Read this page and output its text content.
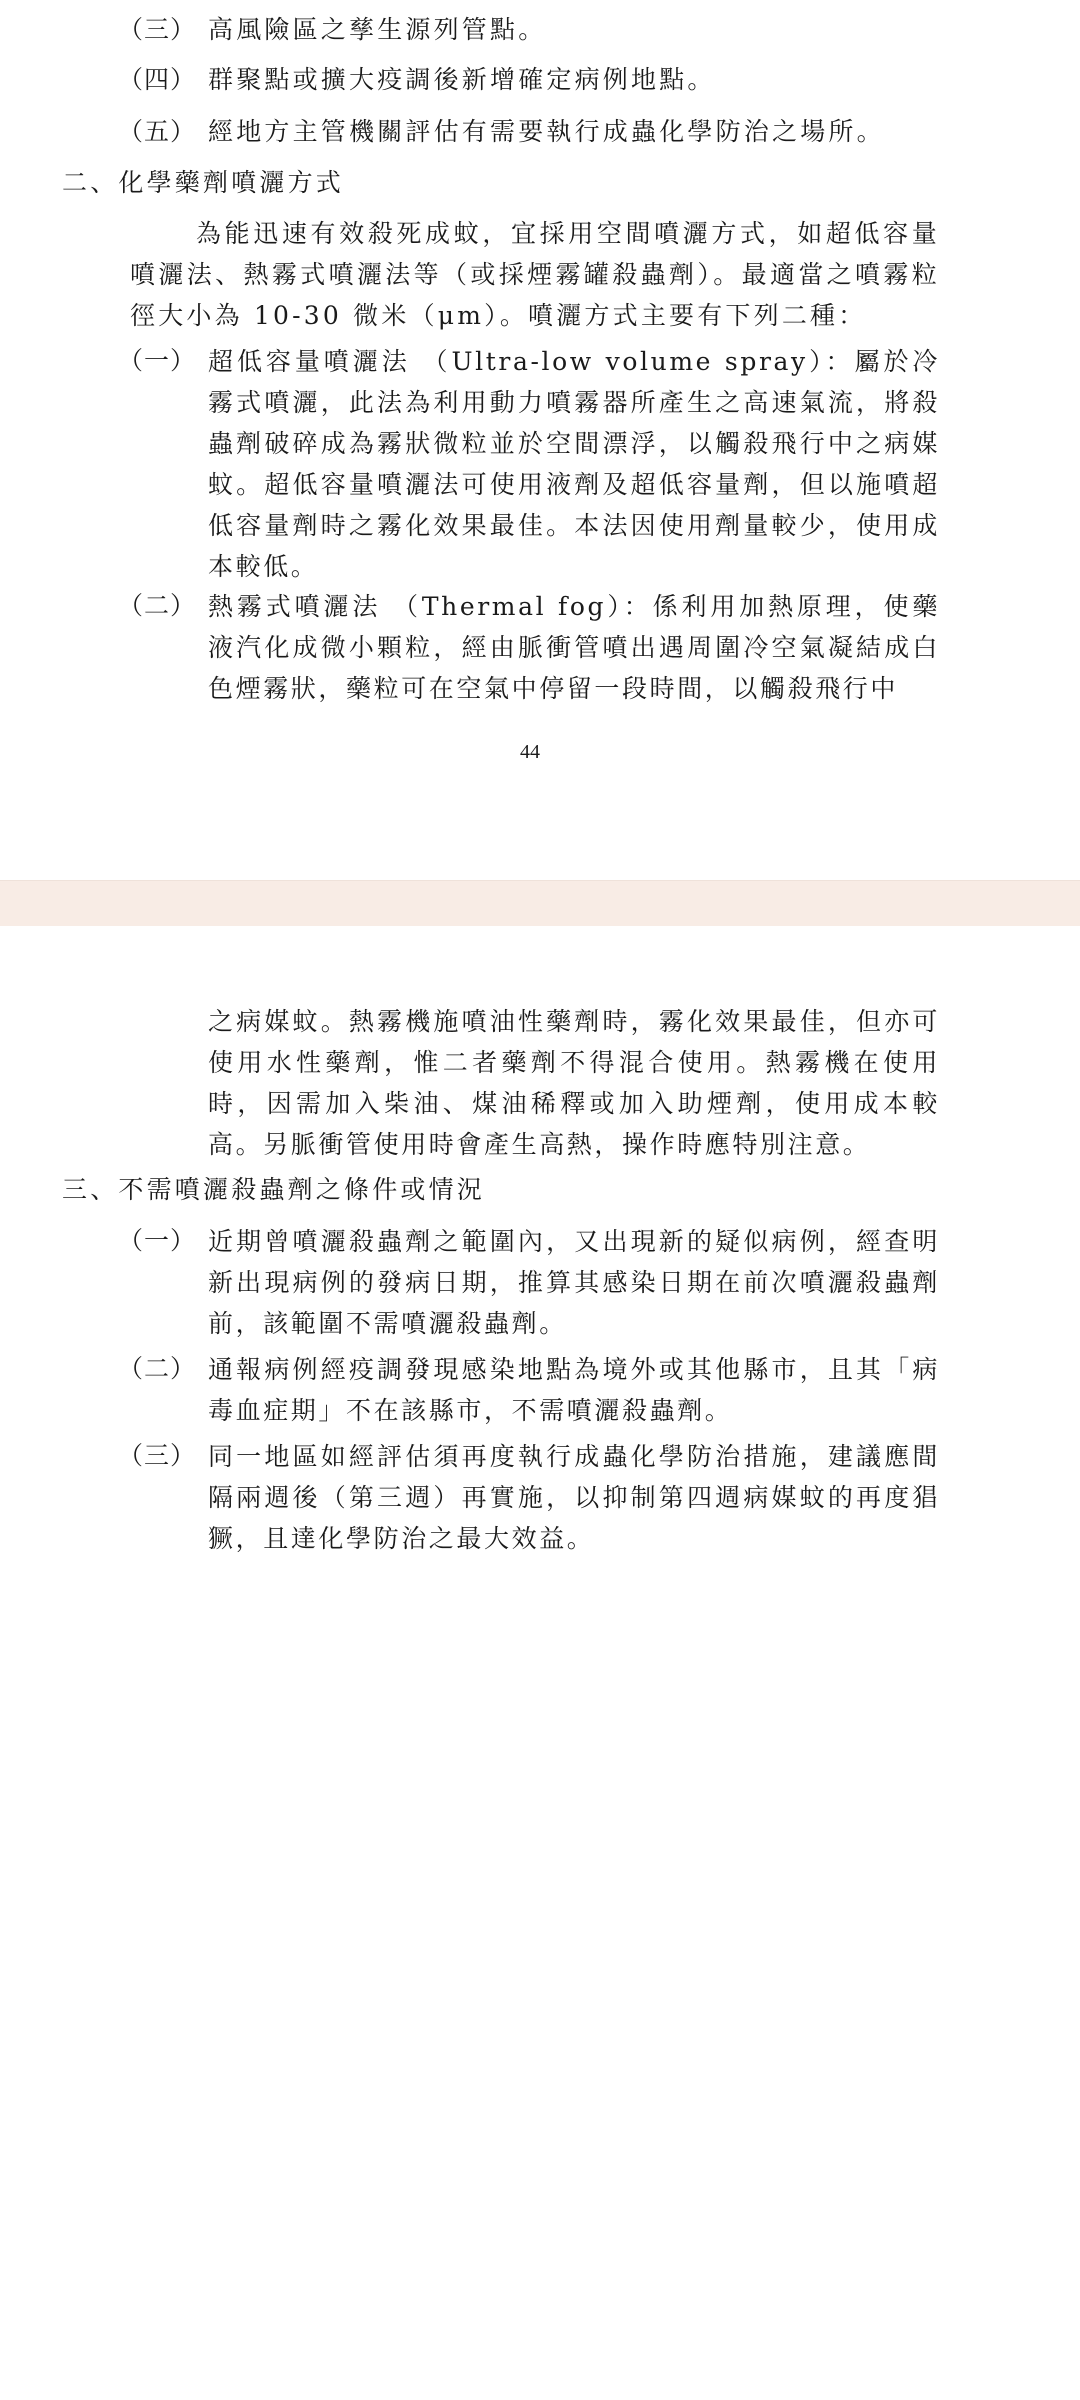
（三） 高風險區之孳生源列管點。
（四） 群聚點或擴大疫調後新增確定病例地點。
（五） 經地方主管機關評估有需要執行成蟲化學防治之場所。
二、化學藥劑噴灑方式
為能迅速有效殺死成蚊，宜採用空間噴灑方式，如超低容量噴灑法、熱霧式噴灑法等（或採煙霧罐殺蟲劑）。最適當之噴霧粒徑大小為 10-30 微米（μm）。噴灑方式主要有下列二種：
（一） 超低容量噴灑法 （Ultra-low volume spray）：屬於冷霧式噴灑，此法為利用動力噴霧器所產生之高速氣流，將殺蟲劑破碎成為霧狀微粒並於空間漂浮，以觸殺飛行中之病媒蚊。超低容量噴灑法可使用液劑及超低容量劑，但以施噴超低容量劑時之霧化效果最佳。本法因使用劑量較少，使用成本較低。
（二） 熱霧式噴灑法 （Thermal fog）：係利用加熱原理，使藥液汽化成微小顆粒，經由脈衝管噴出遇周圍冷空氣凝結成白色煙霧狀，藥粒可在空氣中停留一段時間，以觸殺飛行中
44
之病媒蚊。熱霧機施噴油性藥劑時，霧化效果最佳，但亦可使用水性藥劑，惟二者藥劑不得混合使用。熱霧機在使用時，因需加入柴油、煤油稀釋或加入助煙劑，使用成本較高。另脈衝管使用時會產生高熱，操作時應特別注意。
三、不需噴灑殺蟲劑之條件或情況
（一） 近期曾噴灑殺蟲劑之範圍內，又出現新的疑似病例，經查明新出現病例的發病日期，推算其感染日期在前次噴灑殺蟲劑前，該範圍不需噴灑殺蟲劑。
（二） 通報病例經疫調發現感染地點為境外或其他縣市，且其「病毒血症期」不在該縣市，不需噴灑殺蟲劑。
（三） 同一地區如經評估須再度執行成蟲化學防治措施，建議應間隔兩週後（第三週）再實施，以抑制第四週病媒蚊的再度猖獗，且達化學防治之最大效益。
